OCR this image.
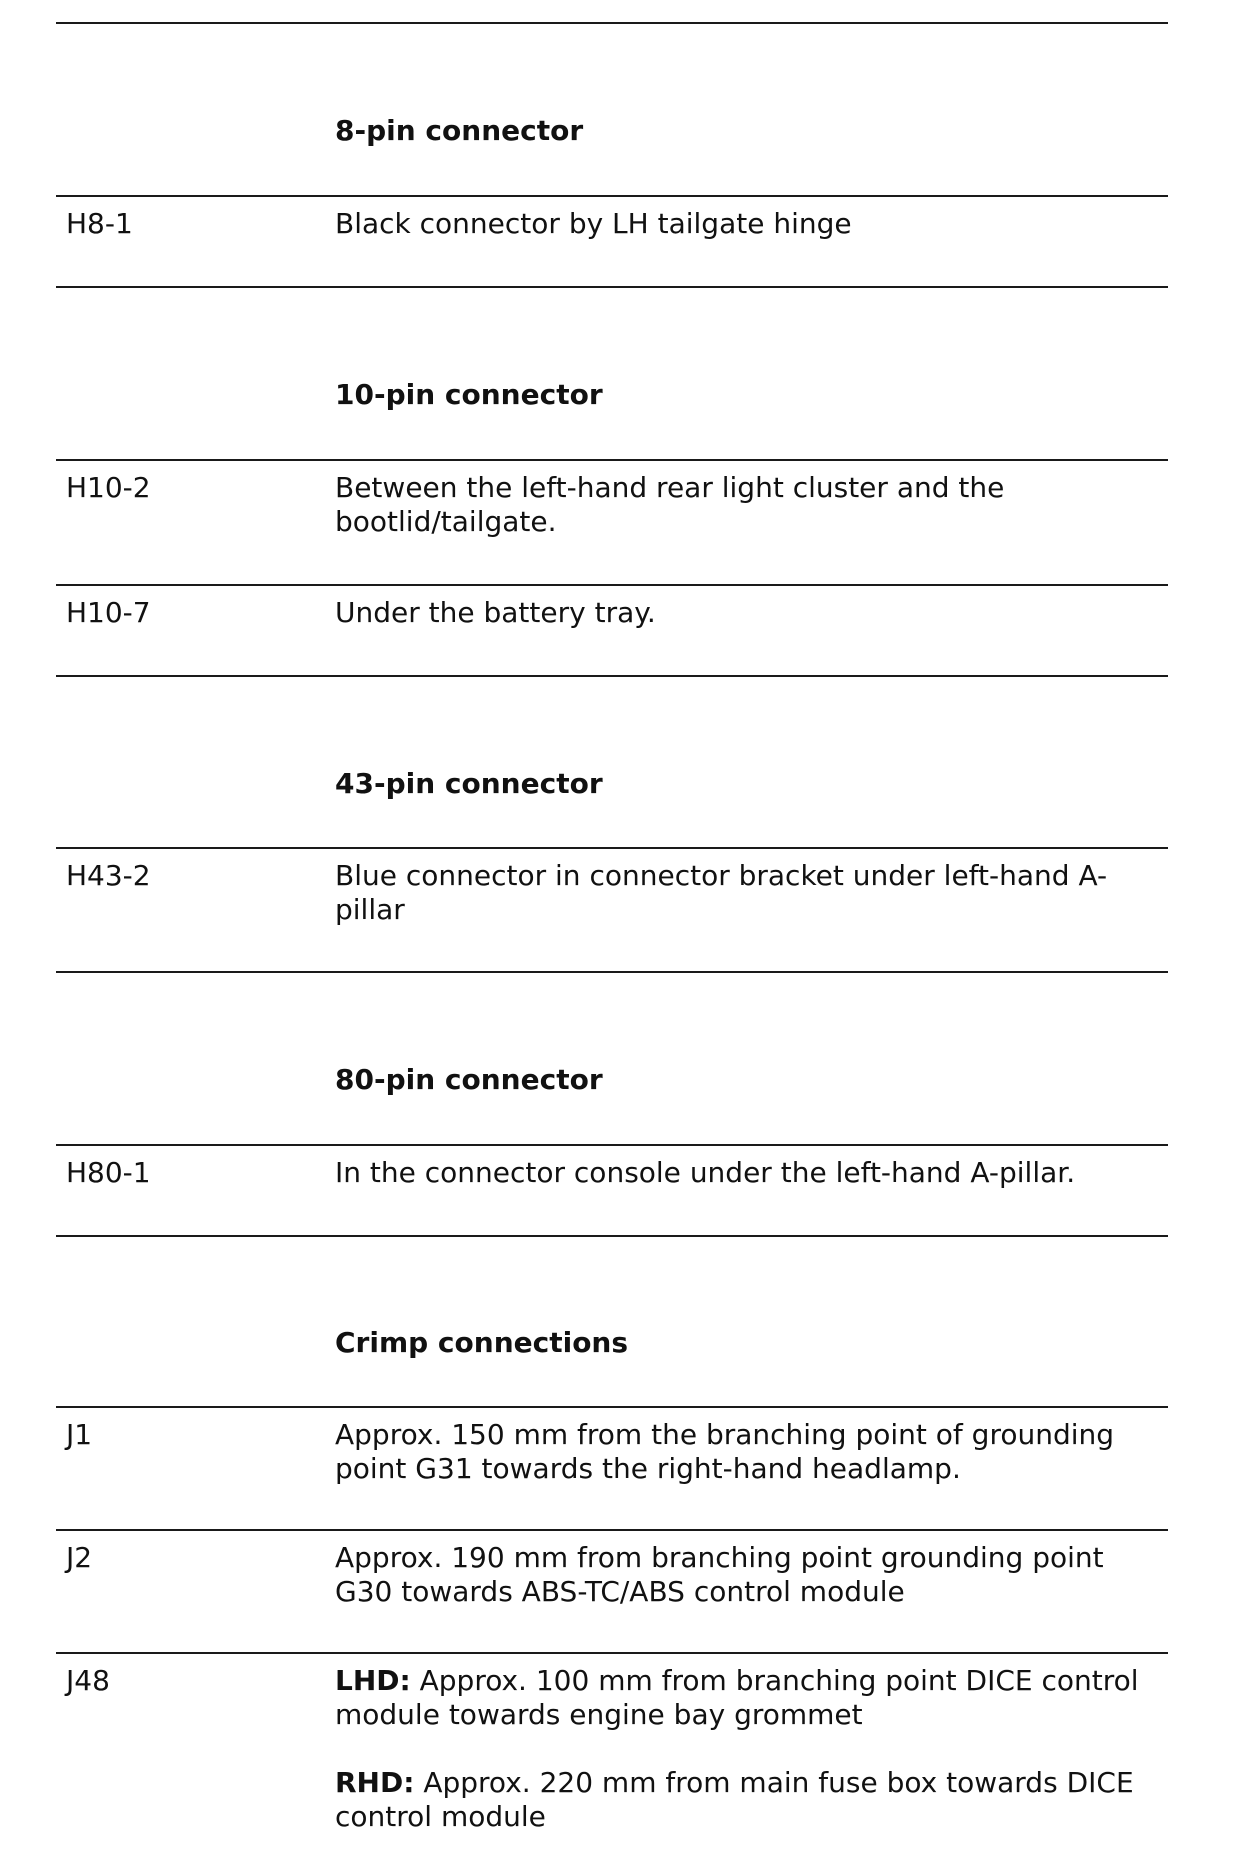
8-pin connector
H8-1	Black connector by LH tailgate hinge

10-pin connector
H10-2	Between the left-hand rear light cluster and the bootlid/tailgate.

H10-7	Under the battery tray.

43-pin connector
H43-2	Blue connector in connector bracket under left-hand A-pillar

80-pin connector
H80-1	In the connector console under the left-hand A-pillar.

Crimp connections
J1	Approx. 150 mm from the branching point of grounding point G31 towards the right-hand headlamp.

J2	Approx. 190 mm from branching point grounding point G30 towards ABS-TC/ABS control module

J48	LHD: Approx. 100 mm from branching point DICE control module towards engine bay grommet

RHD: Approx. 220 mm from main fuse box towards DICE control module
